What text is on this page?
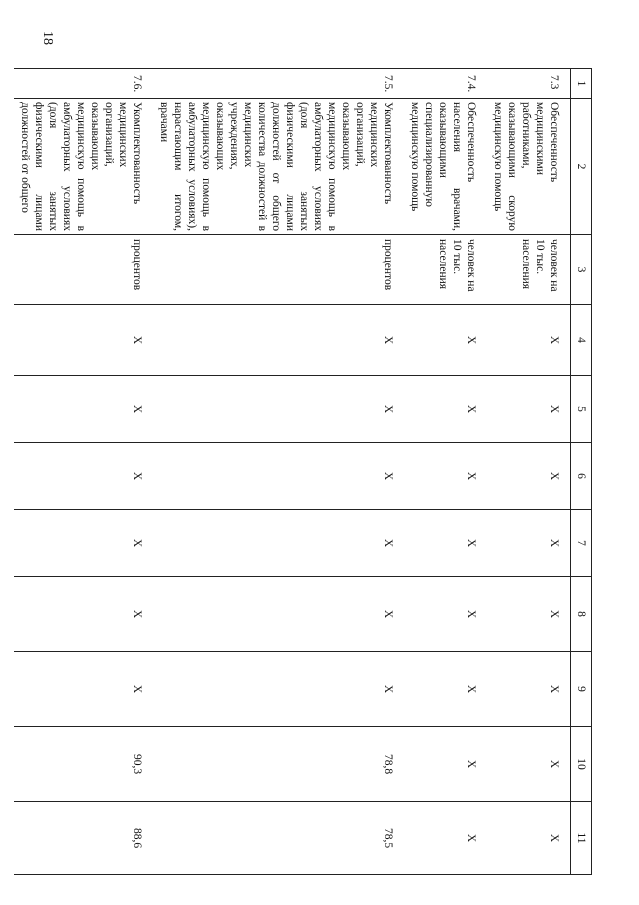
18
1	2	3	4	5	6	7	8	9	10	11
7.3	Обеспеченность медицинскими работниками, оказывающими скорую медицинскую помощь	человек на 10 тыс. населения	X	X	X	X	X	X	X	X
7.4.	Обеспеченность населения врачами, оказывающими специализированную медицинскую помощь	человек на 10 тыс. населения	X	X	X	X	X	X	X	X
7.5.	Укомплектованность медицинских организаций, оказывающих медицинскую помощь в амбулаторных условиях (доля занятых физическими лицами должностей от общего количества должностей в медицинских учреждениях, оказывающих медицинскую помощь в амбулаторных условиях), нарастающим итогом, врачами	процентов	X	X	X	X	X	X	78,8	78,5
7.6.	Укомплектованность медицинских организаций, оказывающих медицинскую помощь в амбулаторных условиях (доля занятых физическими лицами должностей от общего	процентов	X	X	X	X	X	X	90,3	88,6
